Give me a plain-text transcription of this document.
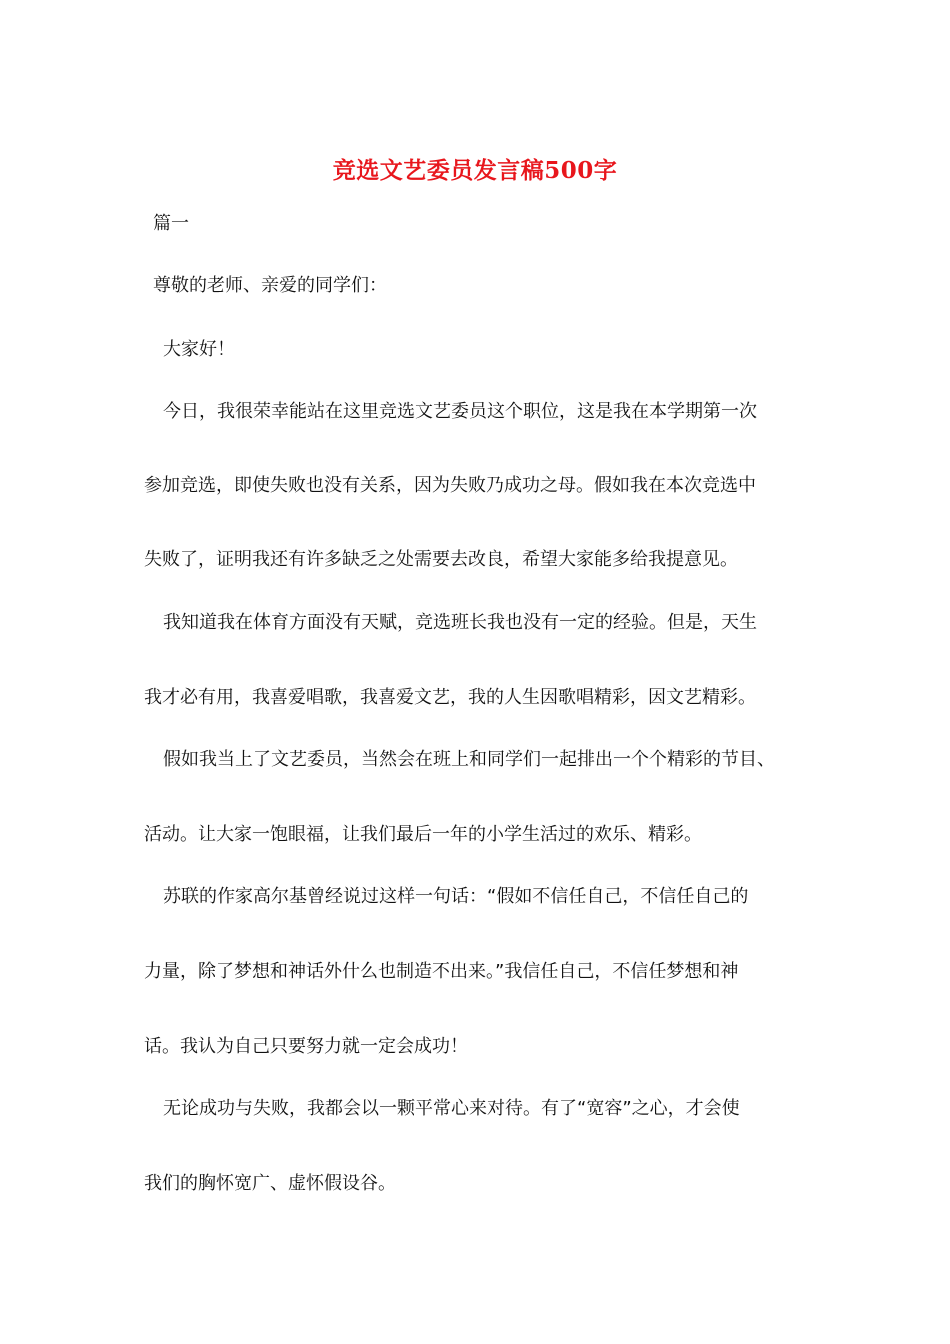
竞选文艺委员发言稿500字
篇一
尊敬的老师、亲爱的同学们：
大家好！
今日，我很荣幸能站在这里竞选文艺委员这个职位，这是我在本学期第一次
参加竞选，即使失败也没有关系，因为失败乃成功之母。假如我在本次竞选中
失败了，证明我还有许多缺乏之处需要去改良，希望大家能多给我提意见。
我知道我在体育方面没有天赋，竞选班长我也没有一定的经验。但是，天生
我才必有用，我喜爱唱歌，我喜爱文艺，我的人生因歌唱精彩，因文艺精彩。
假如我当上了文艺委员，当然会在班上和同学们一起排出一个个精彩的节目、
活动。让大家一饱眼福，让我们最后一年的小学生活过的欢乐、精彩。
苏联的作家高尔基曾经说过这样一句话：“假如不信任自己，不信任自己的
力量，除了梦想和神话外什么也制造不出来。”我信任自己，不信任梦想和神
话。我认为自己只要努力就一定会成功！
无论成功与失败，我都会以一颗平常心来对待。有了“宽容”之心，才会使
我们的胸怀宽广、虚怀假设谷。
